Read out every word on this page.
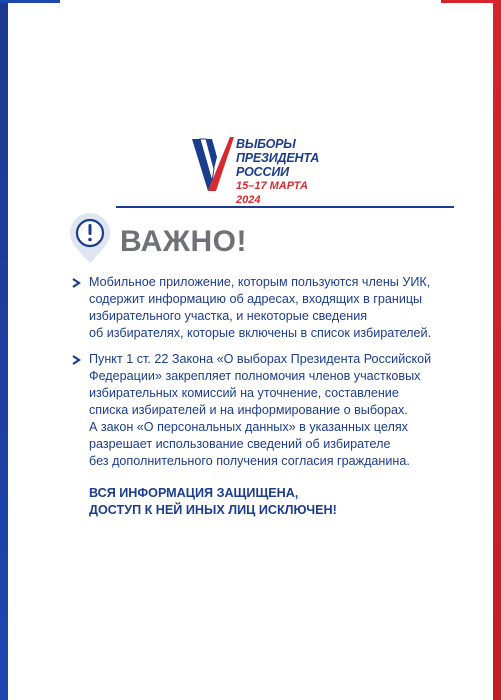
ВЫБОРЫ
ПРЕЗИДЕНТА
РОССИИ
15–17 МАРТА 2024
ВАЖНО!
Мобильное приложение, которым пользуются члены УИК,
содержит информацию об адресах, входящих в границы
избирательного участка, и некоторые сведения
об избирателях, которые включены в список избирателей.
Пункт 1 ст. 22 Закона «О выборах Президента Российской
Федерации» закрепляет полномочия членов участковых
избирательных комиссий на уточнение, составление
списка избирателей и на информирование о выборах.
А закон «О персональных данных» в указанных целях
разрешает использование сведений об избирателе
без дополнительного получения согласия гражданина.
ВСЯ ИНФОРМАЦИЯ ЗАЩИЩЕНА,
ДОСТУП К НЕЙ ИНЫХ ЛИЦ ИСКЛЮЧЕН!
